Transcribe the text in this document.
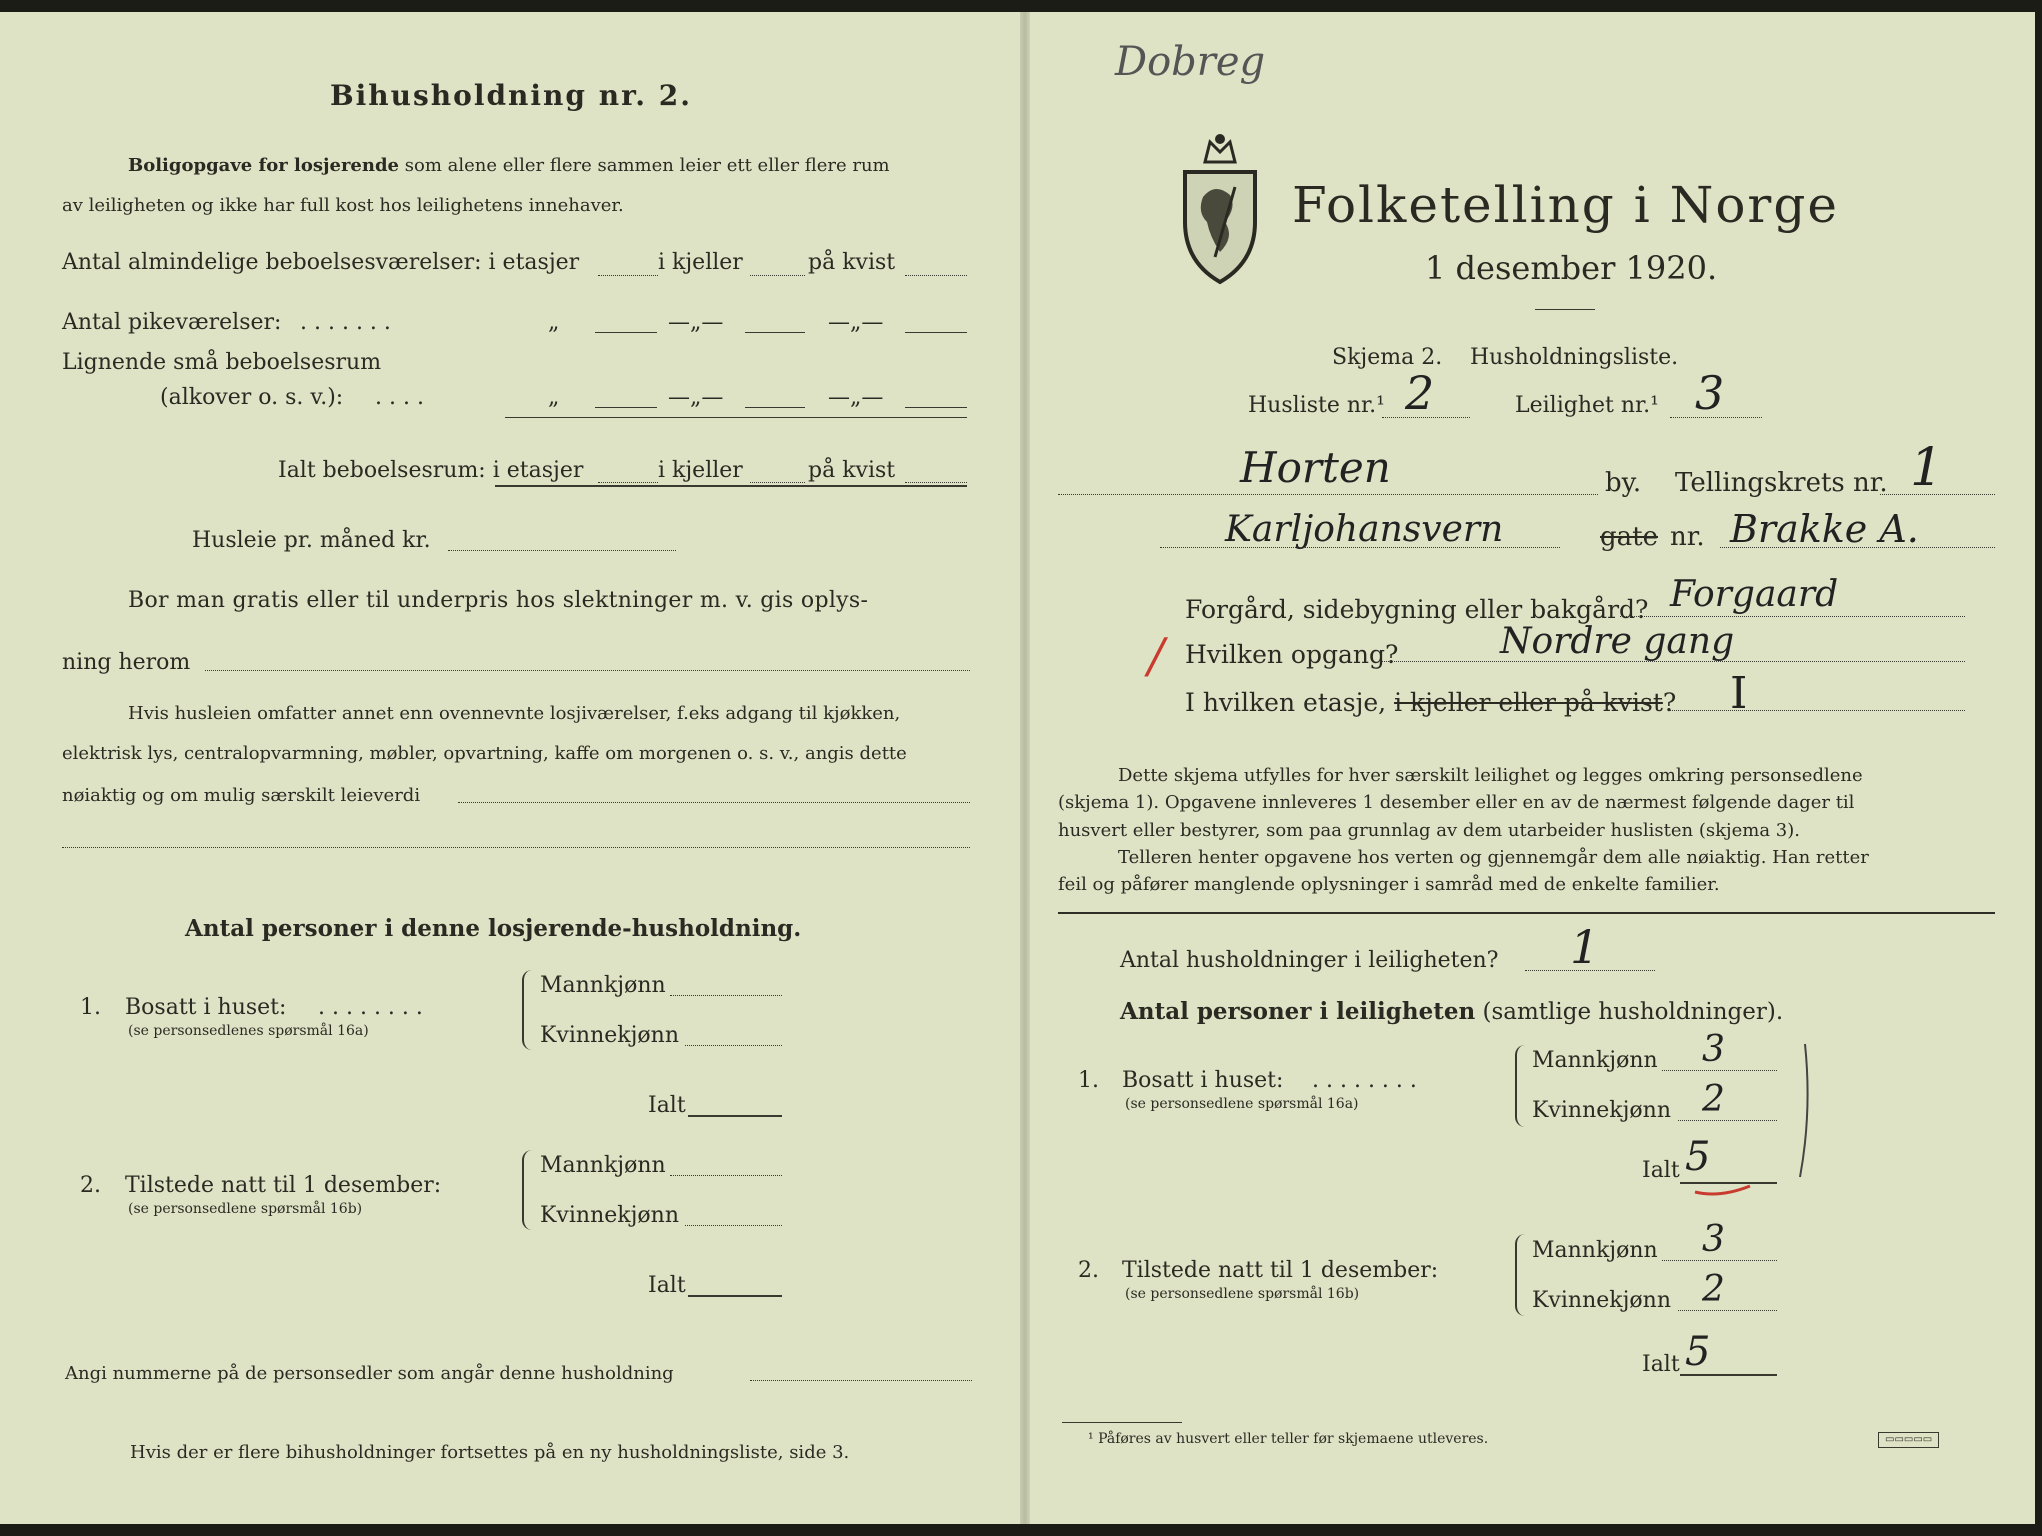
Bihusholdning nr. 2.
Boligopgave for losjerende som alene eller flere sammen leier ett eller flere rum
av leiligheten og ikke har full kost hos leilighetens innehaver.
Antal almindelige beboelsesværelser: i etasjer	i kjeller	på kvist
Antal pikeværelser: . . . . . . .	„	—„—	—„—
Lignende små beboelsesrum
(alkover o. s. v.): . . . .	„	—„—	—„—
Ialt beboelsesrum: i etasjer	i kjeller	på kvist
Husleie pr. måned kr.
Bor man gratis eller til underpris hos slektninger m. v. gis oplys-
ning herom
Hvis husleien omfatter annet enn ovennevnte losjiværelser, f.eks adgang til kjøkken,
elektrisk lys, centralopvarmning, møbler, opvartning, kaffe om morgenen o. s. v., angis dette
nøiaktig og om mulig særskilt leieverdi
Antal personer i denne losjerende-husholdning.
1. Bosatt i huset: . . . . . . . .
(se personsedlenes spørsmål 16a)
Mannkjønn
Kvinnekjønn
Ialt
2. Tilstede natt til 1 desember:
(se personsedlene spørsmål 16b)
Mannkjønn
Kvinnekjønn
Ialt
Angi nummerne på de personsedler som angår denne husholdning
Hvis der er flere bihusholdninger fortsettes på en ny husholdningsliste, side 3.
Dobreg
Folketelling i Norge
1 desember 1920.
Skjema 2. Husholdningsliste.
Husliste nr.¹ 2	Leilighet nr.¹ 3
Horten	by. Tellingskrets nr. 1
Karljohansvern	gate nr. Brakke A.
Forgård, sidebygning eller bakgård? Forgaard
/ Hvilken opgang?	Nordre gang
I hvilken etasje, i kjeller eller på kvist? I
Dette skjema utfylles for hver særskilt leilighet og legges omkring personsedlene
(skjema 1). Opgavene innleveres 1 desember eller en av de nærmest følgende dager til
husvert eller bestyrer, som paa grunnlag av dem utarbeider huslisten (skjema 3).
Telleren henter opgavene hos verten og gjennemgår dem alle nøiaktig. Han retter
feil og påfører manglende oplysninger i samråd med de enkelte familier.
Antal husholdninger i leiligheten? 1
Antal personer i leiligheten (samtlige husholdninger).
1. Bosatt i huset: . . . . . . . .
(se personsedlene spørsmål 16a)
Mannkjønn 3
Kvinnekjønn 2
Ialt 5
2. Tilstede natt til 1 desember:
(se personsedlene spørsmål 16b)
Mannkjønn 3
Kvinnekjønn 2
Ialt 5
¹ Påføres av husvert eller teller før skjemaene utleveres.	▭▭▭▭▭
